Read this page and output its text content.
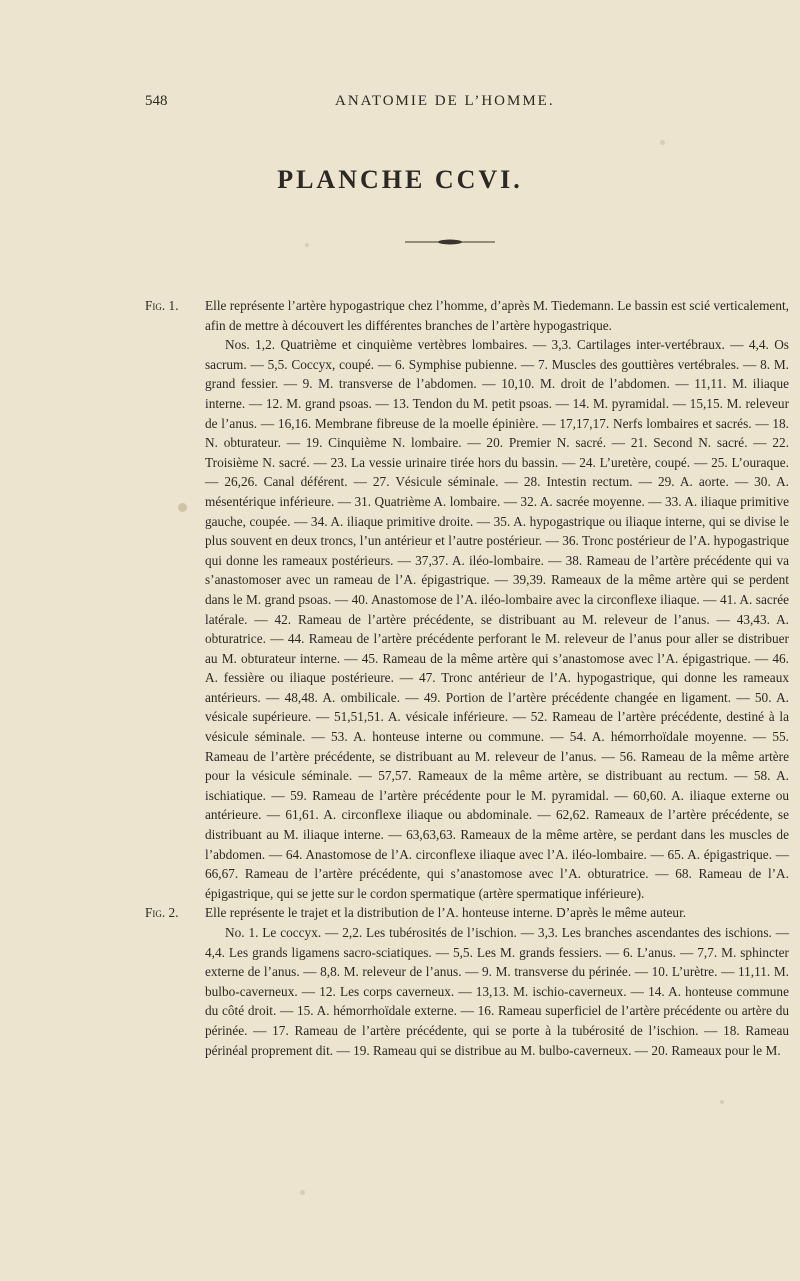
548	ANATOMIE DE L’HOMME.
PLANCHE CCVI.
Fig. 1. Elle représente l’artère hypogastrique chez l’homme, d’après M. Tiedemann. Le bassin est scié verticalement, afin de mettre à découvert les différentes branches de l’artère hypogastrique.

Nos. 1,2. Quatrième et cinquième vertèbres lombaires. — 3,3. Cartilages inter-vertébraux. — 4,4. Os sacrum. — 5,5. Coccyx, coupé. — 6. Symphise pubienne. — 7. Muscles des gouttières vertébrales. — 8. M. grand fessier. — 9. M. transverse de l’abdomen. — 10,10. M. droit de l’abdomen. — 11,11. M. iliaque interne. — 12. M. grand psoas. — 13. Tendon du M. petit psoas. — 14. M. pyramidal. — 15,15. M. releveur de l’anus. — 16,16. Membrane fibreuse de la moelle épinière. — 17,17,17. Nerfs lombaires et sacrés. — 18. N. obturateur. — 19. Cinquième N. lombaire. — 20. Premier N. sacré. — 21. Second N. sacré. — 22. Troisième N. sacré. — 23. La vessie urinaire tirée hors du bassin. — 24. L’uretère, coupé. — 25. L’ouraque. — 26,26. Canal déférent. — 27. Vésicule séminale. — 28. Intestin rectum. — 29. A. aorte. — 30. A. mésentérique inférieure. — 31. Quatrième A. lombaire. — 32. A. sacrée moyenne. — 33. A. iliaque primitive gauche, coupée. — 34. A. iliaque primitive droite. — 35. A. hypogastrique ou iliaque interne, qui se divise le plus souvent en deux troncs, l’un antérieur et l’autre postérieur. — 36. Tronc postérieur de l’A. hypogastrique qui donne les rameaux postérieurs. — 37,37. A. iléo-lombaire. — 38. Rameau de l’artère précédente qui va s’anastomoser avec un rameau de l’A. épigastrique. — 39,39. Rameaux de la même artère qui se perdent dans le M. grand psoas. — 40. Anastomose de l’A. iléo-lombaire avec la circonflexe iliaque. — 41. A. sacrée latérale. — 42. Rameau de l’artère précédente, se distribuant au M. releveur de l’anus. — 43,43. A. obturatrice. — 44. Rameau de l’artère précédente perforant le M. releveur de l’anus pour aller se distribuer au M. obturateur interne. — 45. Rameau de la même artère qui s’anastomose avec l’A. épigastrique. — 46. A. fessière ou iliaque postérieure. — 47. Tronc antérieur de l’A. hypogastrique, qui donne les rameaux antérieurs. — 48,48. A. ombilicale. — 49. Portion de l’artère précédente changée en ligament. — 50. A. vésicale supérieure. — 51,51,51. A. vésicale inférieure. — 52. Rameau de l’artère précédente, destiné à la vésicule séminale. — 53. A. honteuse interne ou commune. — 54. A. hémorrhoïdale moyenne. — 55. Rameau de l’artère précédente, se distribuant au M. releveur de l’anus. — 56. Rameau de la même artère pour la vésicule séminale. — 57,57. Rameaux de la même artère, se distribuant au rectum. — 58. A. ischiatique. — 59. Rameau de l’artère précédente pour le M. pyramidal. — 60,60. A. iliaque externe ou antérieure. — 61,61. A. circonflexe iliaque ou abdominale. — 62,62. Rameaux de l’artère précédente, se distribuant au M. iliaque interne. — 63,63,63. Rameaux de la même artère, se perdant dans les muscles de l’abdomen. — 64. Anastomose de l’A. circonflexe iliaque avec l’A. iléo-lombaire. — 65. A. épigastrique. — 66,67. Rameau de l’artère précédente, qui s’anastomose avec l’A. obturatrice. — 68. Rameau de l’A. épigastrique, qui se jette sur le cordon spermatique (artère spermatique inférieure).

Fig. 2. Elle représente le trajet et la distribution de l’A. honteuse interne. D’après le même auteur.

No. 1. Le coccyx. — 2,2. Les tubérosités de l’ischion. — 3,3. Les branches ascendantes des ischions. — 4,4. Les grands ligamens sacro-sciatiques. — 5,5. Les M. grands fessiers. — 6. L’anus. — 7,7. M. sphincter externe de l’anus. — 8,8. M. releveur de l’anus. — 9. M. transverse du périnée. — 10. L’urètre. — 11,11. M. bulbo-caverneux. — 12. Les corps caverneux. — 13,13. M. ischio-caverneux. — 14. A. honteuse commune du côté droit. — 15. A. hémorrhoïdale externe. — 16. Rameau superficiel de l’artère précédente ou artère du périnée. — 17. Rameau de l’artère précédente, qui se porte à la tubérosité de l’ischion. — 18. Rameau périnéal proprement dit. — 19. Rameau qui se distribue au M. bulbo-caverneux. — 20. Rameaux pour le M.
